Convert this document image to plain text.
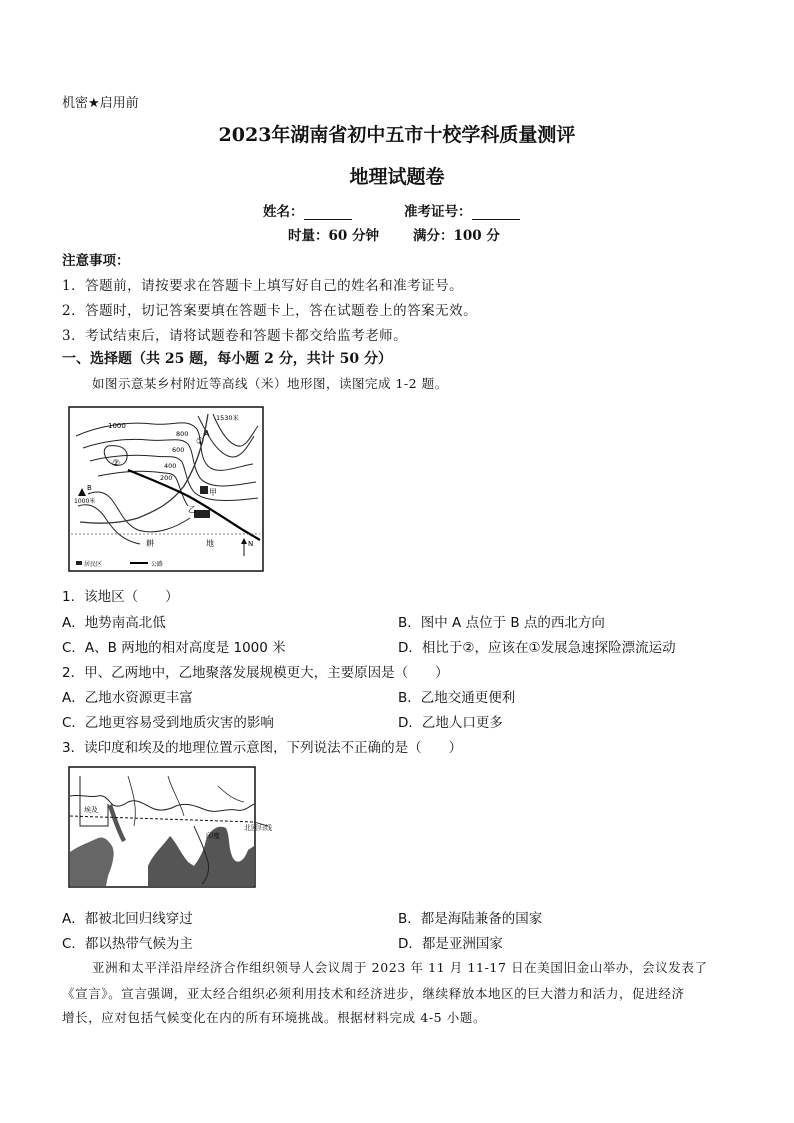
机密★启用前
2023年湖南省初中五市十校学科质量测评
地理试题卷
姓名：	准考证号：
时量：60 分钟	满分：100 分
注意事项：
1．答题前，请按要求在答题卡上填写好自己的姓名和准考证号。
2．答题时，切记答案要填在答题卡上，答在试题卷上的答案无效。
3．考试结束后，请将试题卷和答题卡都交给监考老师。
一、选择题（共 25 题，每小题 2 分，共计 50 分）
如图示意某乡村附近等高线（米）地形图，读图完成 1-2 题。
1000
1530米
800
600
400
200
A
B
1000米
①
②
甲
乙
耕	地	N
居民区	公路
1．该地区（　　）
A．地势南高北低	B．图中 A 点位于 B 点的西北方向
C．A、B 两地的相对高度是 1000 米	D．相比于②，应该在①发展急速探险漂流运动
2．甲、乙两地中，乙地聚落发展规模更大，主要原因是（　　）
A．乙地水资源更丰富	B．乙地交通更便利
C．乙地更容易受到地质灾害的影响	D．乙地人口更多
3．读印度和埃及的地理位置示意图，下列说法不正确的是（　　）
埃及
印度
北回归线
A．都被北回归线穿过	B．都是海陆兼备的国家
C．都以热带气候为主	D．都是亚洲国家
亚洲和太平洋沿岸经济合作组织领导人会议周于 2023 年 11 月 11-17 日在美国旧金山举办，会议发表了
《宣言》。宣言强调，亚太经合组织必须利用技术和经济进步，继续释放本地区的巨大潜力和活力，促进经济
增长，应对包括气候变化在内的所有环境挑战。根据材料完成 4-5 小题。
